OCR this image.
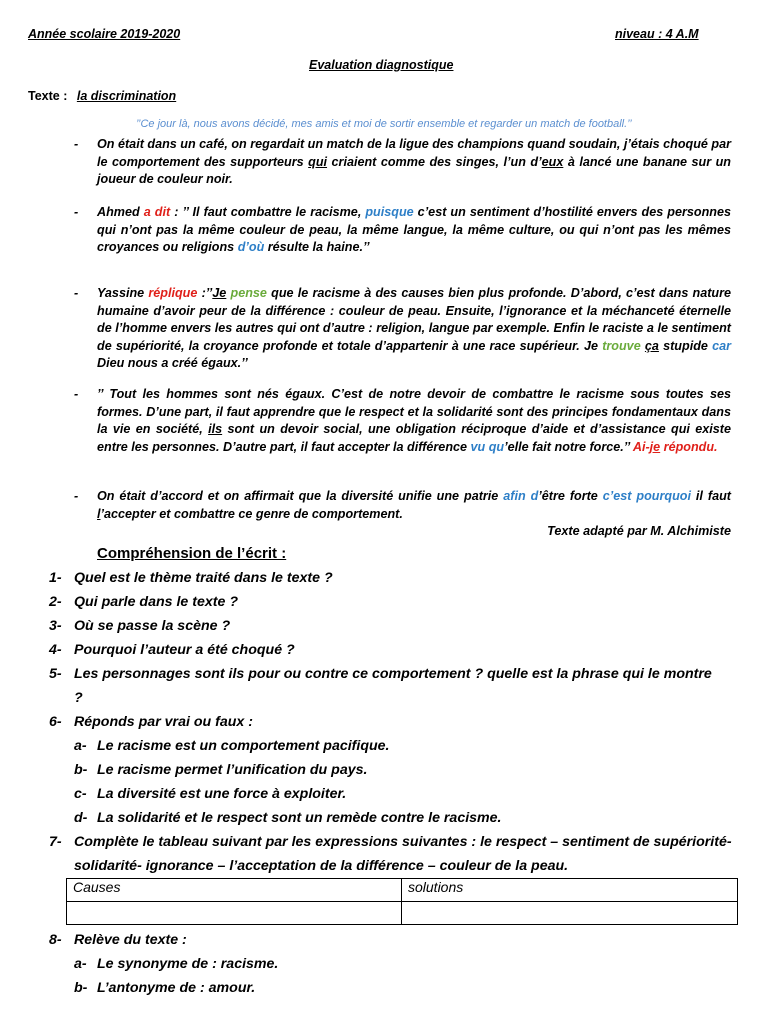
Année scolaire 2019-2020	niveau : 4 A.M
Evaluation diagnostique
Texte : la discrimination
’’Ce jour là, nous avons décidé, mes amis et moi de sortir ensemble et regarder un match de football.’’
- On était dans un café, on regardait un match de la ligue des champions quand soudain, j’étais choqué par le comportement des supporteurs qui criaient comme des singes, l’un d’eux à lancé une banane sur un joueur de couleur noir.

- Ahmed a dit : ’’ Il faut combattre le racisme, puisque c’est un sentiment d’hostilité envers des personnes qui n’ont pas la même couleur de peau, la même langue, la même culture, ou qui n’ont pas les mêmes croyances ou religions d’où résulte la haine.’’

- Yassine réplique :’’Je pense que le racisme à des causes bien plus profonde. D’abord, c’est dans nature humaine d’avoir peur de la différence : couleur de peau. Ensuite, l’ignorance et la méchanceté éternelle de l’homme envers les autres qui ont d’autre : religion, langue par exemple. Enfin le raciste a le sentiment de supériorité, la croyance profonde et totale d’appartenir à une race supérieur. Je trouve ça stupide car Dieu nous a créé égaux.’’

- ’’ Tout les hommes sont nés égaux. C’est de notre devoir de combattre le racisme sous toutes ses formes. D’une part, il faut apprendre que le respect et la solidarité sont des principes fondamentaux dans la vie en société, ils sont un devoir social, une obligation réciproque d’aide et d’assistance qui existe entre les personnes. D’autre part, il faut accepter la différence vu qu’elle fait notre force.’’ Ai-je répondu.

- On était d’accord et on affirmait que la diversité unifie une patrie afin d’être forte c’est pourquoi il faut l’accepter et combattre ce genre de comportement.

Texte adapté par M. Alchimiste
Compréhension de l’écrit :
1- Quel est le thème traité dans le texte ?
2- Qui parle dans le texte ?
3- Où se passe la scène ?
4- Pourquoi l’auteur a été choqué ?
5- Les personnages sont ils pour ou contre ce comportement ? quelle est la phrase qui le montre ?
6- Réponds par vrai ou faux :
a- Le racisme est un comportement pacifique.
b- Le racisme permet l’unification du pays.
c- La diversité est une force à exploiter.
d- La solidarité et le respect sont un remède contre le racisme.
7- Complète le tableau suivant par les expressions suivantes : le respect – sentiment de supériorité- solidarité- ignorance – l’acceptation de la différence – couleur de la peau.
Causes	solutions

8- Relève du texte :
a- Le synonyme de : racisme.
b- L’antonyme de : amour.
